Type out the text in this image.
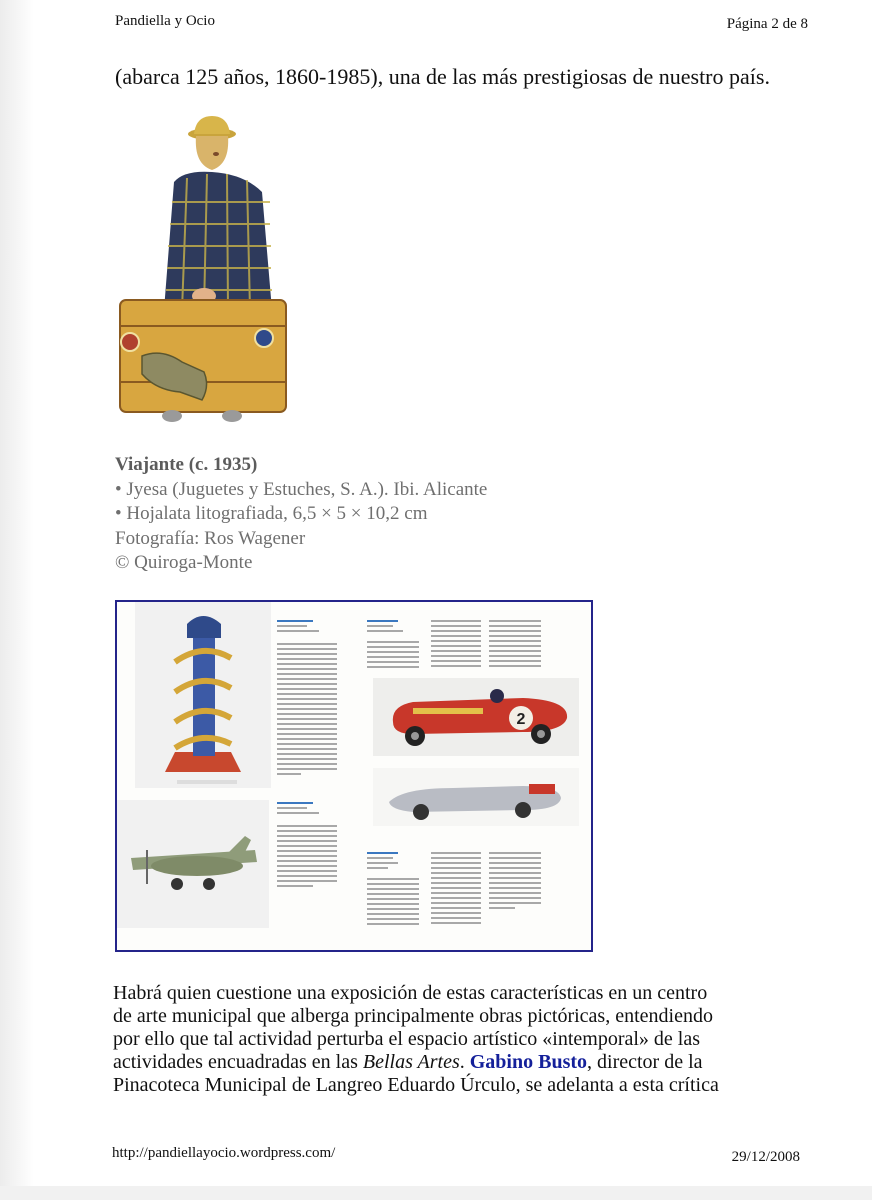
Pandiella y Ocio	Página 2 de 8
(abarca 125 años, 1860-1985), una de las más prestigiosas de nuestro país.
Viajante (c. 1935)
• Jyesa (Juguetes y Estuches, S. A.). Ibi. Alicante
• Hojalata litografiada, 6,5 × 5 × 10,2 cm
Fotografía: Ros Wagener
© Quiroga-Monte
2

Habrá quien cuestione una exposición de estas características en un centro

de arte municipal que alberga principalmente obras pictóricas, entendiendo

por ello que tal actividad perturba el espacio artístico «intemporal» de las

actividades encuadradas en las Bellas Artes. Gabino Busto, director de la

Pinacoteca Municipal de Langreo Eduardo Úrculo, se adelanta a esta crítica

http://pandiellayocio.wordpress.com/	29/12/2008
